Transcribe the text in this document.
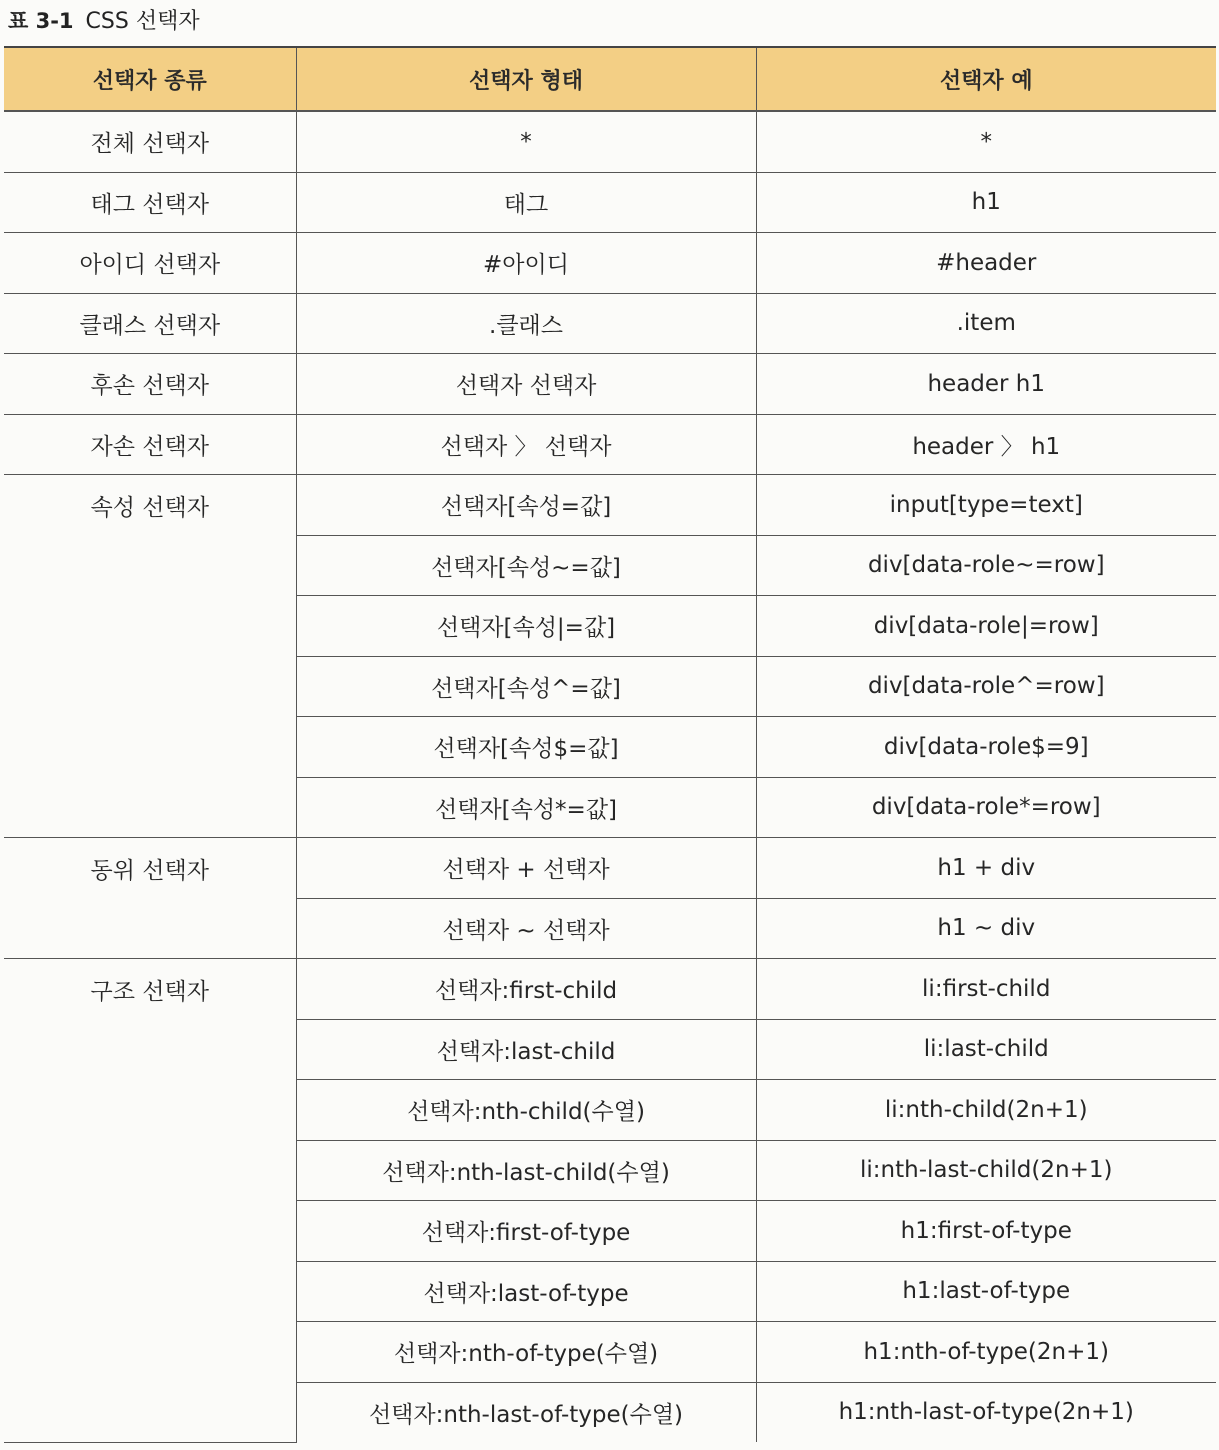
표 3-1 CSS 선택자
선택자 종류	선택자 형태	선택자 예
전체 선택자	*	*
태그 선택자	태그	h1
아이디 선택자	#아이디	#header
클래스 선택자	.클래스	.item
후손 선택자	선택자 선택자	header h1
자손 선택자	선택자 〉 선택자	header 〉 h1
속성 선택자	선택자[속성=값]	input[type=text]
	선택자[속성~=값]	div[data-role~=row]
	선택자[속성|=값]	div[data-role|=row]
	선택자[속성^=값]	div[data-role^=row]
	선택자[속성$=값]	div[data-role$=9]
	선택자[속성*=값]	div[data-role*=row]
동위 선택자	선택자 + 선택자	h1 + div
	선택자 ~ 선택자	h1 ~ div
구조 선택자	선택자:first-child	li:first-child
	선택자:last-child	li:last-child
	선택자:nth-child(수열)	li:nth-child(2n+1)
	선택자:nth-last-child(수열)	li:nth-last-child(2n+1)
	선택자:first-of-type	h1:first-of-type
	선택자:last-of-type	h1:last-of-type
	선택자:nth-of-type(수열)	h1:nth-of-type(2n+1)
	선택자:nth-last-of-type(수열)	h1:nth-last-of-type(2n+1)
